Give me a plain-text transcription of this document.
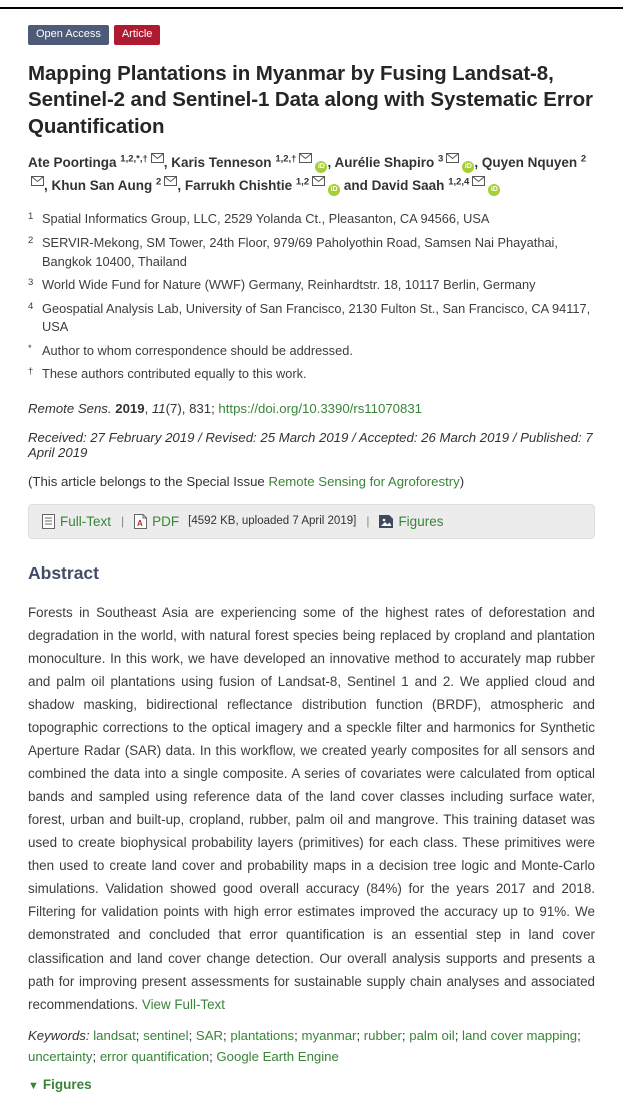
Open Access	Article
Mapping Plantations in Myanmar by Fusing Landsat-8, Sentinel-2 and Sentinel-1 Data along with Systematic Error Quantification
Ate Poortinga $^{1,2,*,\dagger}$ , Karis Tenneson $^{1,2,\dagger}$
iD , Aurélie Shapiro $^3$
iD , Quyen Nquyen $^2$
, Khun San Aung $^2$ , Farrukh Chishtie $^{1,2}$
iD and David Saah $^{1,2,4}$
iD
1 Spatial Informatics Group, LLC, 2529 Yolanda Ct., Pleasanton, CA 94566, USA
2 SERVIR-Mekong, SM Tower, 24th Floor, 979/69 Paholyothin Road, Samsen Nai Phayathai, Bangkok 10400, Thailand
3 World Wide Fund for Nature (WWF) Germany, Reinhardtstr. 18, 10117 Berlin, Germany
4 Geospatial Analysis Lab, University of San Francisco, 2130 Fulton St., San Francisco, CA 94117, USA
* Author to whom correspondence should be addressed.
† These authors contributed equally to this work.
Remote Sens. 2019, 11(7), 831; https://doi.org/10.3390/rs11070831
Received: 27 February 2019 / Revised: 25 March 2019 / Accepted: 26 March 2019 / Published: 7 April 2019
(This article belongs to the Special Issue Remote Sensing for Agroforestry)
Full-Text | A PDF [4592 KB, uploaded 7 April 2019] | Figures
Abstract
Forests in Southeast Asia are experiencing some of the highest rates of deforestation and degradation in the world, with natural forest species being replaced by cropland and plantation monoculture. In this work, we have developed an innovative method to accurately map rubber and palm oil plantations using fusion of Landsat-8, Sentinel 1 and 2. We applied cloud and shadow masking, bidirectional reflectance distribution function (BRDF), atmospheric and topographic corrections to the optical imagery and a speckle filter and harmonics for Synthetic Aperture Radar (SAR) data. In this workflow, we created yearly composites for all sensors and combined the data into a single composite. A series of covariates were calculated from optical bands and sampled using reference data of the land cover classes including surface water, forest, urban and built-up, cropland, rubber, palm oil and mangrove. This training dataset was used to create biophysical probability layers (primitives) for each class. These primitives were then used to create land cover and probability maps in a decision tree logic and Monte-Carlo simulations. Validation showed good overall accuracy (84%) for the years 2017 and 2018. Filtering for validation points with high error estimates improved the accuracy up to 91%. We demonstrated and concluded that error quantification is an essential step in land cover classification and land cover change detection. Our overall analysis supports and presents a path for improving present assessments for sustainable supply chain analyses and associated recommendations. View Full-Text
Keywords: landsat; sentinel; SAR; plantations; myanmar; rubber; palm oil; land cover mapping; uncertainty; error quantification; Google Earth Engine
▼ Figures
